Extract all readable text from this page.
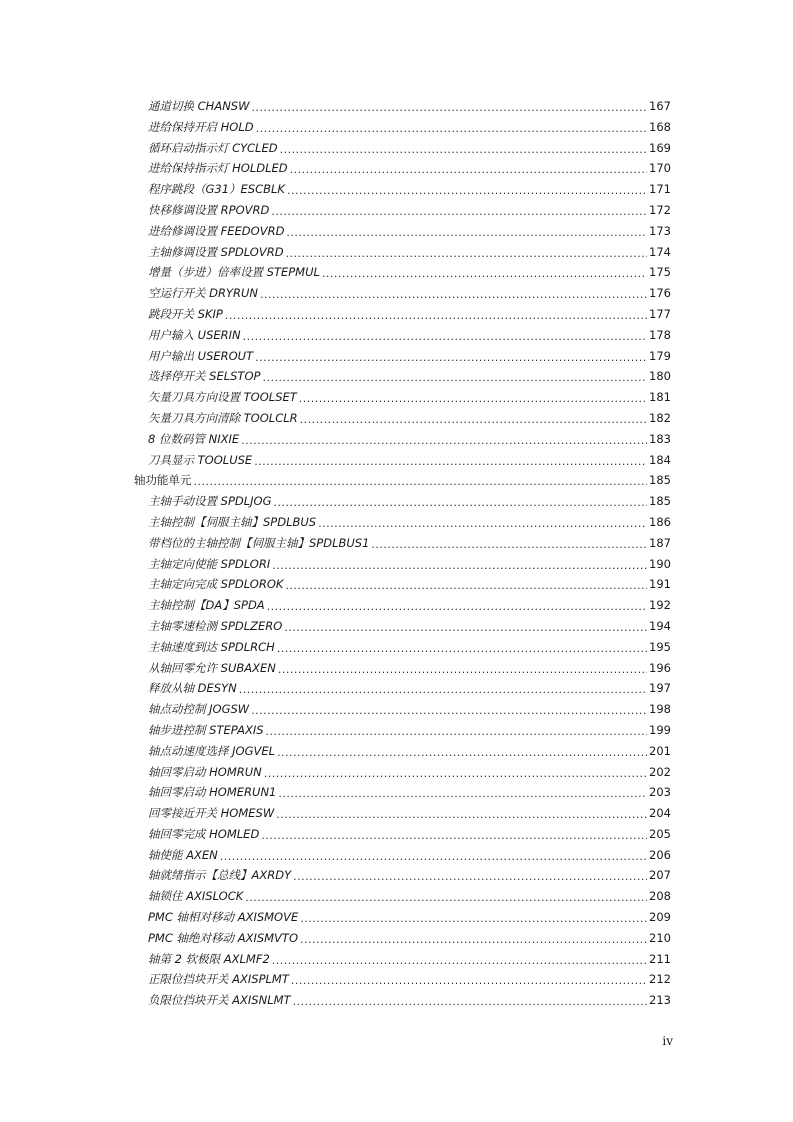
通道切换 CHANSW .....	167
进给保持开启 HOLD .....	168
循环启动指示灯 CYCLED .....	169
进给保持指示灯 HOLDLED .....	170
程序跳段（G31）ESCBLK .....	171
快移修调设置 RPOVRD .....	172
进给修调设置 FEEDOVRD .....	173
主轴修调设置 SPDLOVRD .....	174
增量（步进）倍率设置 STEPMUL .....	175
空运行开关 DRYRUN .....	176
跳段开关 SKIP .....	177
用户输入 USERIN .....	178
用户输出 USEROUT .....	179
选择停开关 SELSTOP .....	180
矢量刀具方向设置 TOOLSET .....	181
矢量刀具方向清除 TOOLCLR .....	182
8 位数码管 NIXIE .....	183
刀具显示 TOOLUSE .....	184
轴功能单元 .....	185
主轴手动设置 SPDLJOG .....	185
主轴控制【伺服主轴】SPDLBUS .....	186
带档位的主轴控制【伺服主轴】SPDLBUS1 .....	187
主轴定向使能 SPDLORI .....	190
主轴定向完成 SPDLOROK .....	191
主轴控制【DA】SPDA .....	192
主轴零速检测 SPDLZERO .....	194
主轴速度到达 SPDLRCH .....	195
从轴回零允许 SUBAXEN .....	196
释放从轴 DESYN .....	197
轴点动控制 JOGSW .....	198
轴步进控制 STEPAXIS .....	199
轴点动速度选择 JOGVEL .....	201
轴回零启动 HOMRUN .....	202
轴回零启动 HOMERUN1 .....	203
回零接近开关 HOMESW .....	204
轴回零完成 HOMLED .....	205
轴使能 AXEN .....	206
轴就绪指示【总线】AXRDY .....	207
轴锁住 AXISLOCK .....	208
PMC 轴相对移动 AXISMOVE .....	209
PMC 轴绝对移动 AXISMVTO .....	210
轴第 2 软极限 AXLMF2 .....	211
正限位挡块开关 AXISPLMT .....	212
负限位挡块开关 AXISNLMT .....	213
iv
